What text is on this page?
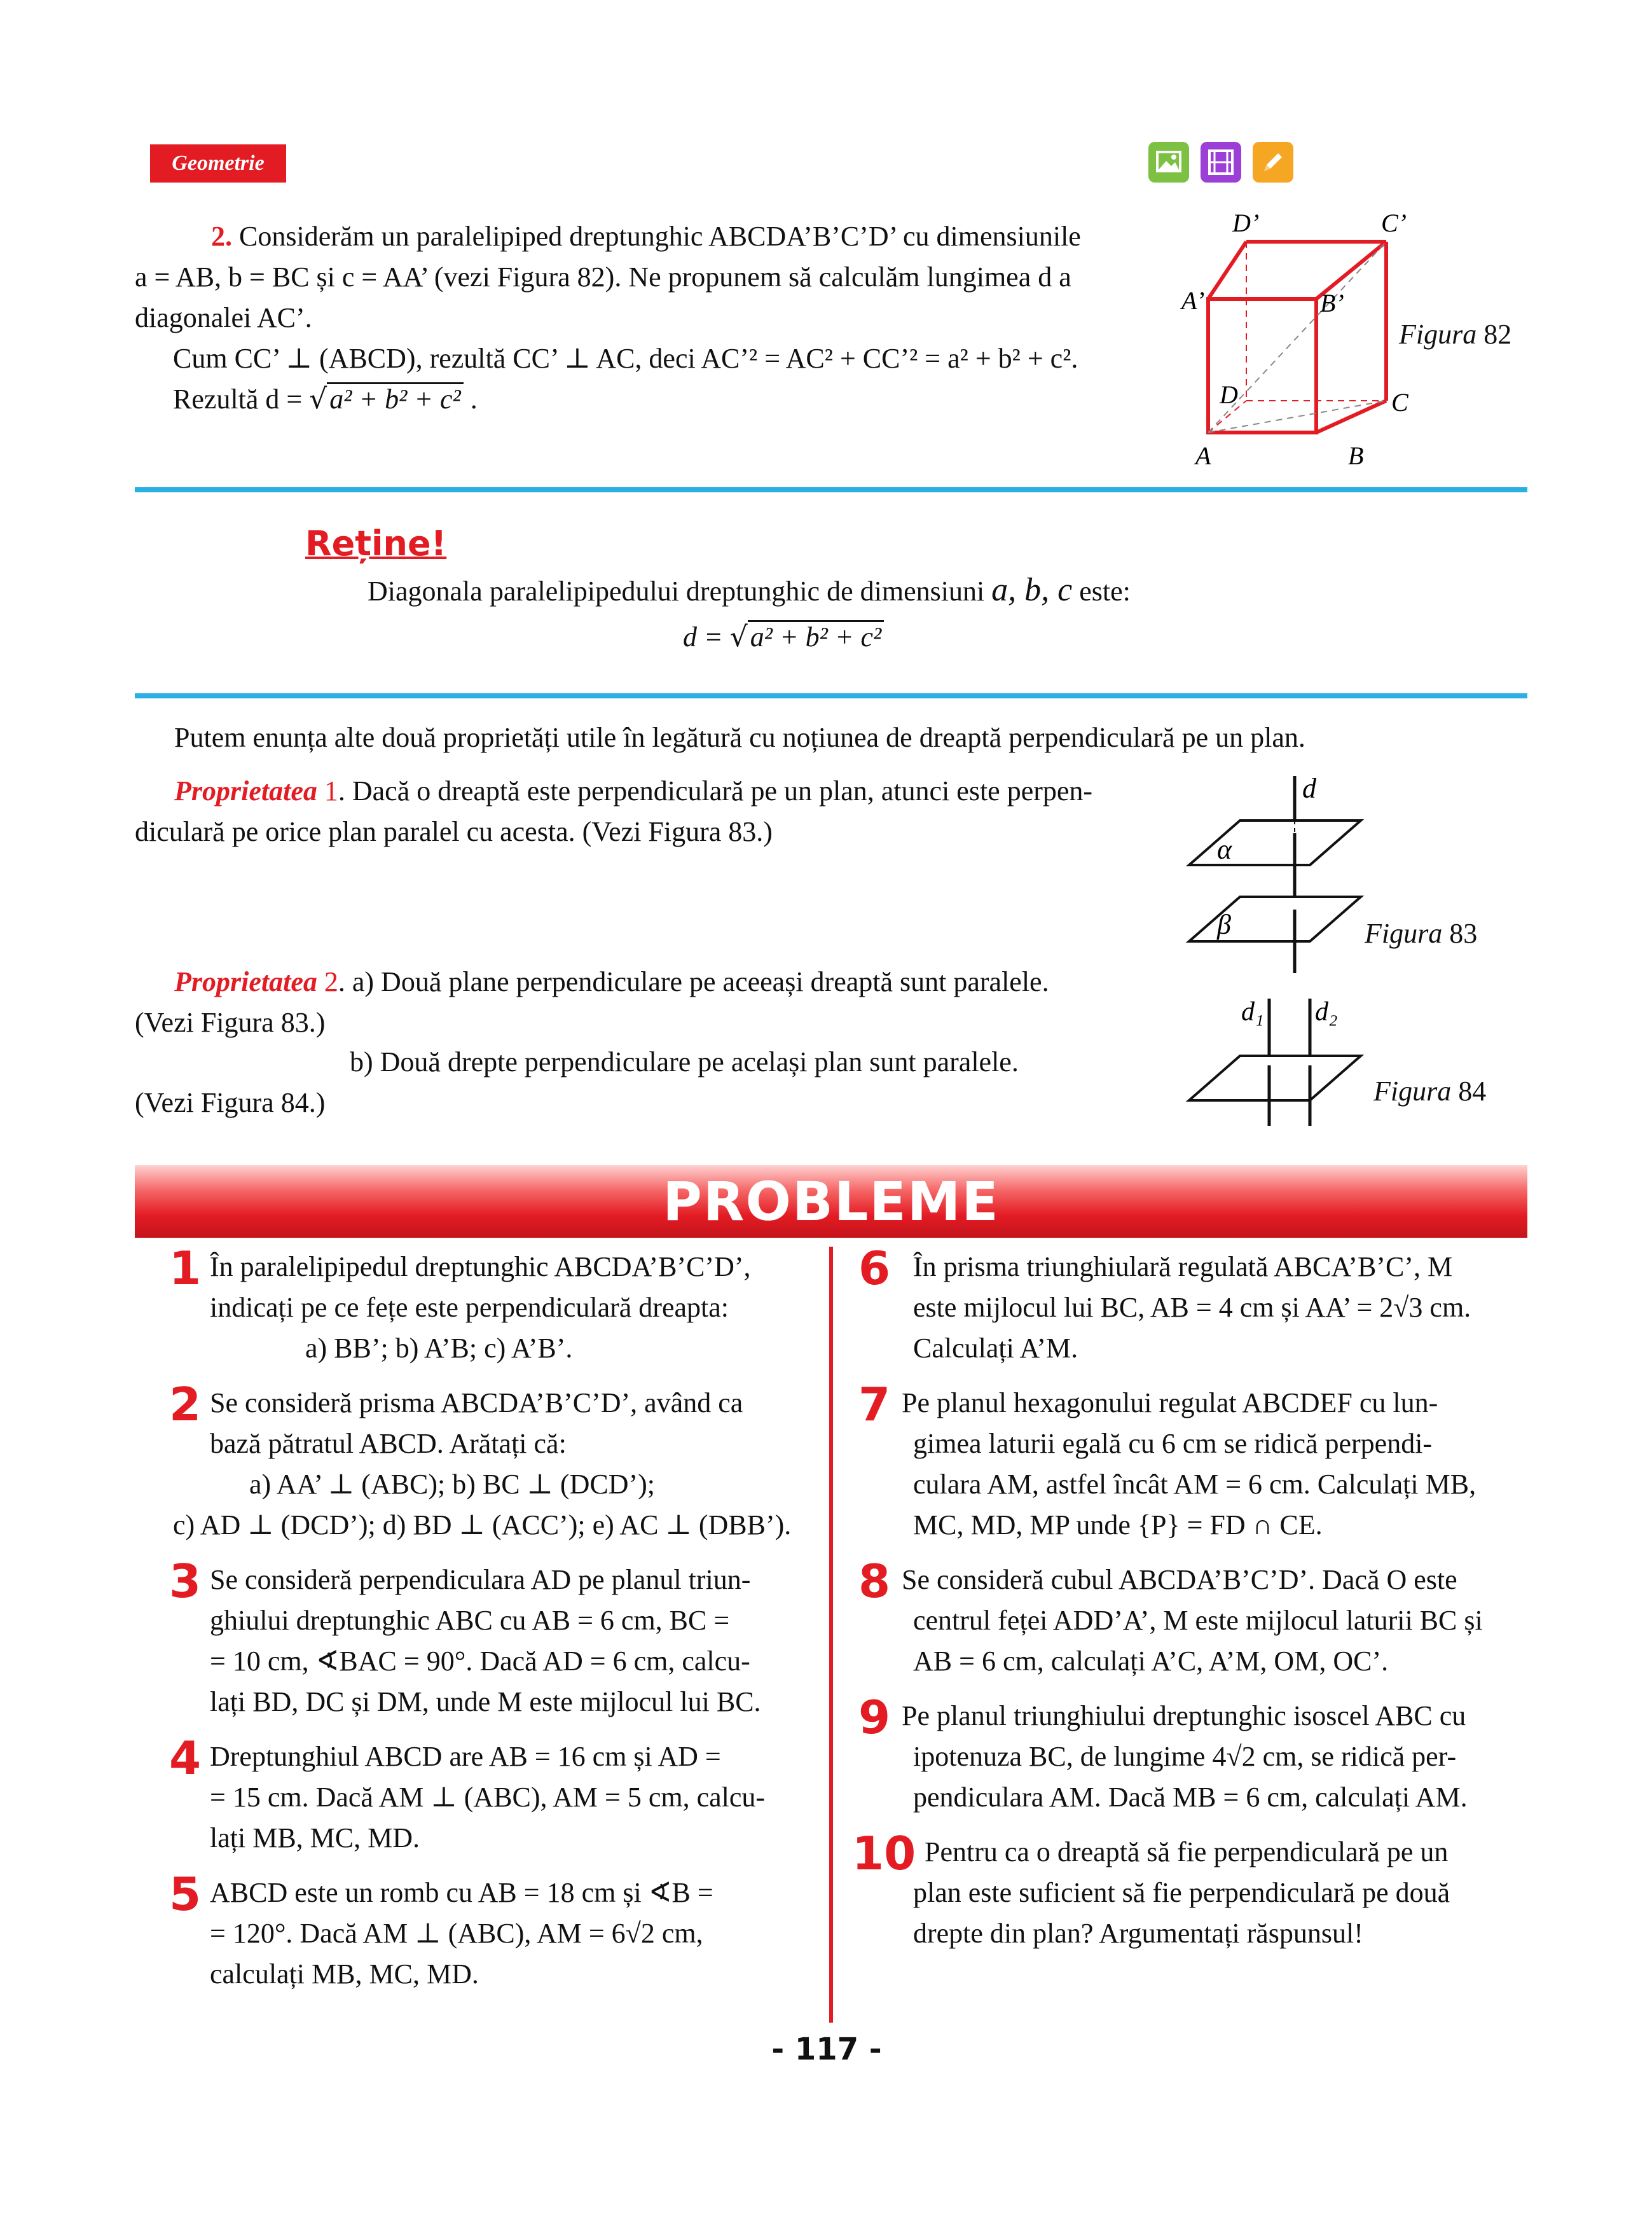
Geometrie
2. Considerăm un paralelipiped dreptunghic ABCDA’B’C’D’ cu dimensiunile
a = AB, b = BC și c = AA’ (vezi Figura 82). Ne propunem să calculăm lungimea d a
diagonalei AC’.
Cum CC’ ⊥ (ABCD), rezultă CC’ ⊥ AC, deci AC’² = AC² + CC’² = a² + b² + c².
Rezultă d = √a² + b² + c² .
D’	C’
A’	B’
D	C
A	B
Figura 82
Reține!
Diagonala paralelipipedului dreptunghic de dimensiuni a, b, c este:
d = √a² + b² + c²
Putem enunța alte două proprietăți utile în legătură cu noțiunea de dreaptă perpendiculară pe un plan.
Proprietatea 1. Dacă o dreaptă este perpendiculară pe un plan, atunci este perpen-
diculară pe orice plan paralel cu acesta. (Vezi Figura 83.)
d
α
β	Figura 83
Proprietatea 2. a) Două plane perpendiculare pe aceeași dreaptă sunt paralele.
(Vezi Figura 83.)
b) Două drepte perpendiculare pe același plan sunt paralele.
(Vezi Figura 84.)
d₁ d₂
Figura 84
PROBLEME
1 În paralelipipedul dreptunghic ABCDA’B’C’D’,
indicați pe ce fețe este perpendiculară dreapta:
a) BB’; b) A’B; c) A’B’.
2 Se consideră prisma ABCDA’B’C’D’, având ca
bază pătratul ABCD. Arătați că:
a) AA’ ⊥ (ABC); b) BC ⊥ (DCD’);
c) AD ⊥ (DCD’); d) BD ⊥ (ACC’); e) AC ⊥ (DBB’).
3 Se consideră perpendiculara AD pe planul triun-
ghiului dreptunghic ABC cu AB = 6 cm, BC =
= 10 cm, ∢BAC = 90°. Dacă AD = 6 cm, calcu-
lați BD, DC și DM, unde M este mijlocul lui BC.
4 Dreptunghiul ABCD are AB = 16 cm și AD =
= 15 cm. Dacă AM ⊥ (ABC), AM = 5 cm, calcu-
lați MB, MC, MD.
5 ABCD este un romb cu AB = 18 cm și ∢B =
= 120°. Dacă AM ⊥ (ABC), AM = 6√2 cm,
calculați MB, MC, MD.
6 În prisma triunghiulară regulată ABCA’B’C’, M
este mijlocul lui BC, AB = 4 cm și AA’ = 2√3 cm.
Calculați A’M.
7 Pe planul hexagonului regulat ABCDEF cu lun-
gimea laturii egală cu 6 cm se ridică perpendi-
culara AM, astfel încât AM = 6 cm. Calculați MB,
MC, MD, MP unde {P} = FD ∩ CE.
8 Se consideră cubul ABCDA’B’C’D’. Dacă O este
centrul feței ADD’A’, M este mijlocul laturii BC și
AB = 6 cm, calculați A’C, A’M, OM, OC’.
9 Pe planul triunghiului dreptunghic isoscel ABC cu
ipotenuza BC, de lungime 4√2 cm, se ridică per-
pendiculara AM. Dacă MB = 6 cm, calculați AM.
10 Pentru ca o dreaptă să fie perpendiculară pe un
plan este suficient să fie perpendiculară pe două
drepte din plan? Argumentați răspunsul!
- 117 -
